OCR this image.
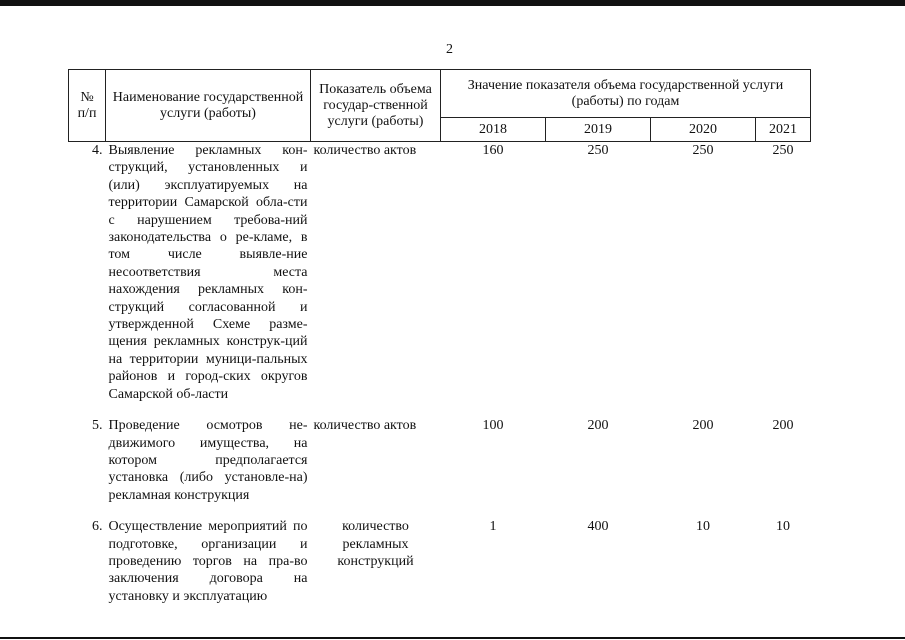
2
№ п/п	Наименование государственной услуги (работы)	Показатель объема государ-ственной услуги (работы)	Значение показателя объема государственной услуги (работы) по годам			
			2018	2019	2020	2021
4.	Выявление рекламных кон-струкций, установленных и (или) эксплуатируемых на территории Самарской обла-сти с нарушением требова-ний законодательства о ре-кламе, в том числе выявле-ние несоответствия места нахождения рекламных кон-струкций согласованной и утвержденной Схеме разме-щения рекламных конструк-ций на территории муници-пальных районов и город-ских округов Самарской об-ласти	количество актов	160	250	250	250
5.	Проведение осмотров не-движимого имущества, на котором предполагается установка (либо установле-на) рекламная конструкция	количество актов	100	200	200	200
6.	Осуществление мероприятий по подготовке, организации и проведению торгов на пра-во заключения договора на установку и эксплуатацию	количество рекламных конструкций	1	400	10	10
